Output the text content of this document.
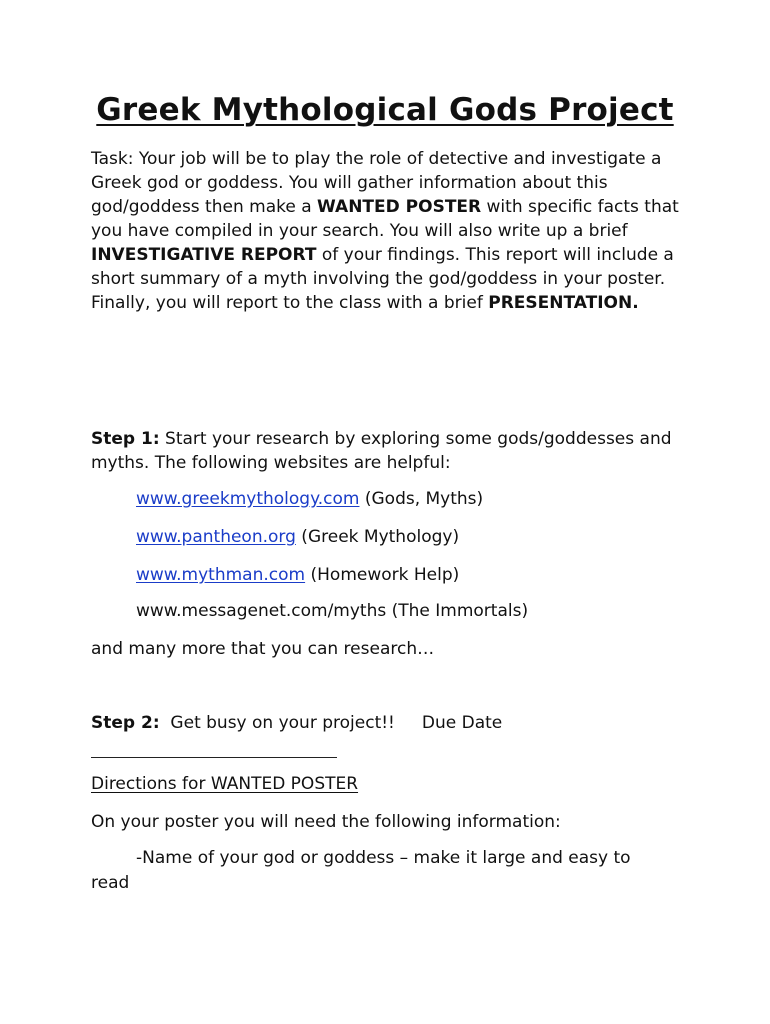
Greek Mythological Gods Project
Task: Your job will be to play the role of detective and investigate a Greek god or goddess. You will gather information about this god/goddess then make a WANTED POSTER with specific facts that you have compiled in your search. You will also write up a brief INVESTIGATIVE REPORT of your findings. This report will include a short summary of a myth involving the god/goddess in your poster. Finally, you will report to the class with a brief PRESENTATION.
Step 1: Start your research by exploring some gods/goddesses and myths. The following websites are helpful:
www.greekmythology.com (Gods, Myths)
www.pantheon.org (Greek Mythology)
www.mythman.com (Homework Help)
www.messagenet.com/myths (The Immortals)
and many more that you can research…
Step 2:  Get busy on your project!!     Due Date
Directions for WANTED POSTER
On your poster you will need the following information:
-Name of your god or goddess – make it large and easy to
read
